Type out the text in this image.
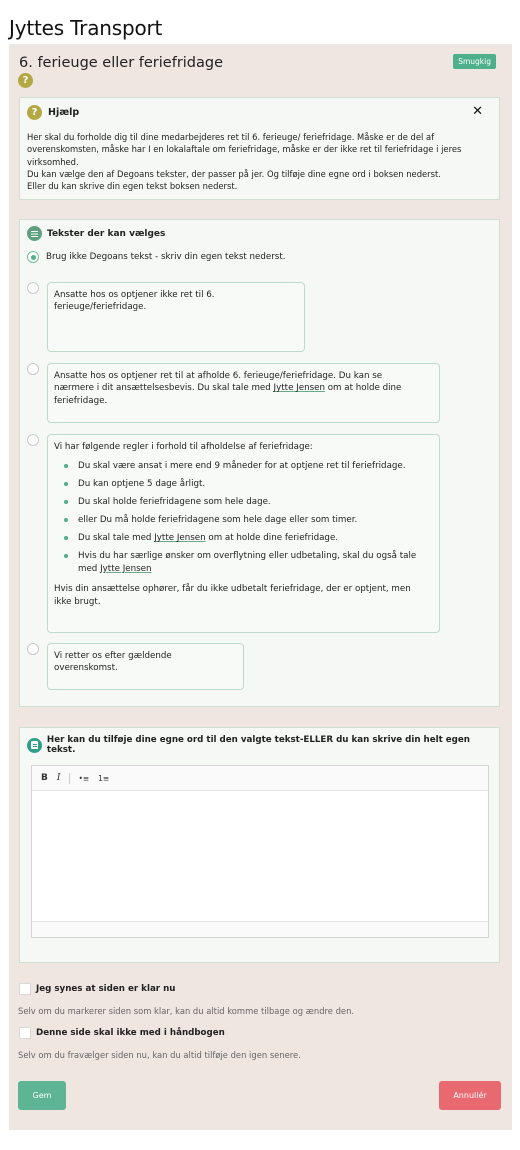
Jyttes Transport
6. ferieuge eller feriefridage
?
Smugkig
?	Hjælp	✕
Her skal du forholde dig til dine medarbejderes ret til 6. ferieuge/ feriefridage. Måske er de del af
overenskomsten, måske har I en lokalaftale om feriefridage, måske er der ikke ret til feriefridage i jeres
virksomhed.
Du kan vælge den af Degoans tekster, der passer på jer. Og tilføje dine egne ord i boksen nederst.
Eller du kan skrive din egen tekst boksen nederst.
Tekster der kan vælges
Brug ikke Degoans tekst - skriv din egen tekst nederst.
Ansatte hos os optjener ikke ret til 6.
ferieuge/feriefridage.
Ansatte hos os optjener ret til at afholde 6. ferieuge/feriefridage. Du kan se
nærmere i dit ansættelsesbevis. Du skal tale med Jytte Jensen om at holde dine
feriefridage.
Vi har følgende regler i forhold til afholdelse af feriefridage:
Du skal være ansat i mere end 9 måneder for at optjene ret til feriefridage.
Du kan optjene 5 dage årligt.
Du skal holde feriefridagene som hele dage.
eller Du må holde feriefridagene som hele dage eller som timer.
Du skal tale med Jytte Jensen om at holde dine feriefridage.
Hvis du har særlige ønsker om overflytning eller udbetaling, skal du også tale
med Jytte Jensen
Hvis din ansættelse ophører, får du ikke udbetalt feriefridage, der er optjent, men
ikke brugt.
Vi retter os efter gældende
overenskomst.
Her kan du tilføje dine egne ord til den valgte tekst-ELLER du kan skrive din helt egen tekst.
B I •≡ 1≡
Jeg synes at siden er klar nu
Selv om du markerer siden som klar, kan du altid komme tilbage og ændre den.
Denne side skal ikke med i håndbogen
Selv om du fravælger siden nu, kan du altid tilføje den igen senere.
Gem	Annullér
